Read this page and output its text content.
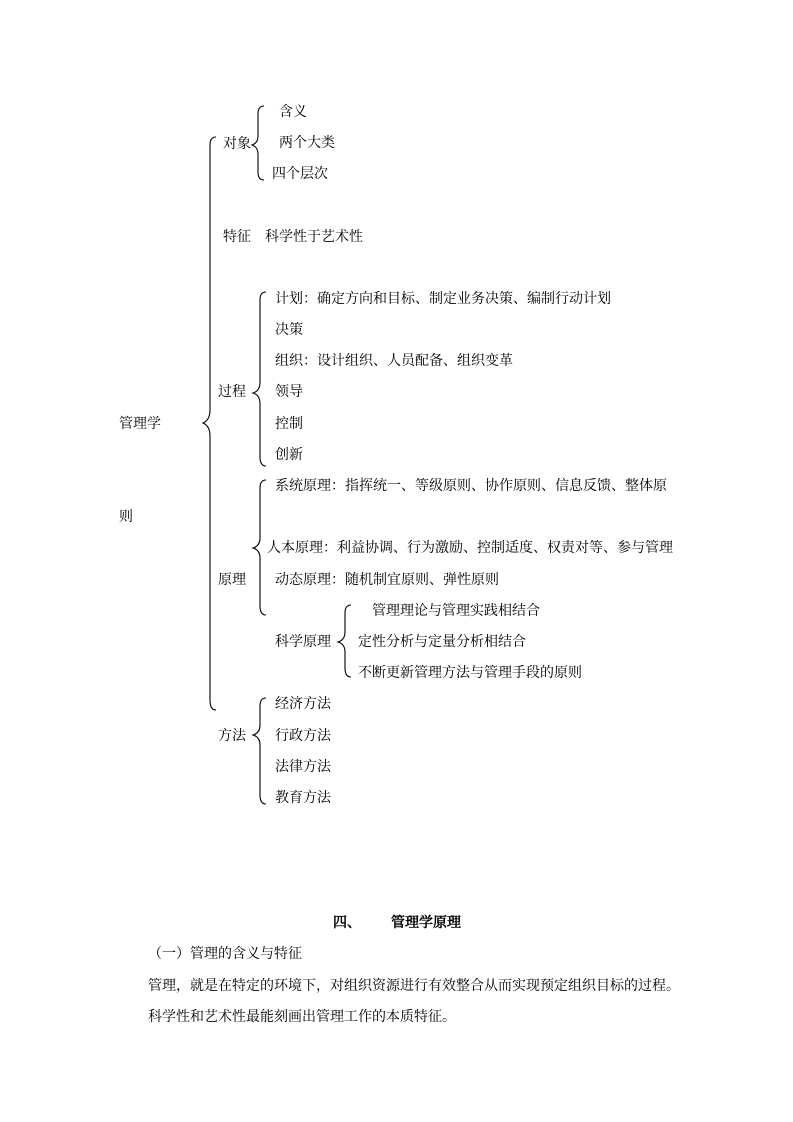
管理学
则
对象
含义
两个大类
四个层次
特征 科学性于艺术性
过程
计划：确定方向和目标、制定业务决策、编制行动计划
决策
组织：设计组织、人员配备、组织变革
领导
控制
创新
原理
系统原理：指挥统一、等级原则、协作原则、信息反馈、整体原
人本原理：利益协调、行为激励、控制适度、权责对等、参与管理
动态原理：随机制宜原则、弹性原则
科学原理
管理理论与管理实践相结合
定性分析与定量分析相结合
不断更新管理方法与管理手段的原则
方法
经济方法
行政方法
法律方法
教育方法
四、 管理学原理
（一）管理的含义与特征
管理，就是在特定的环境下，对组织资源进行有效整合从而实现预定组织目标的过程。
科学性和艺术性最能刻画出管理工作的本质特征。
